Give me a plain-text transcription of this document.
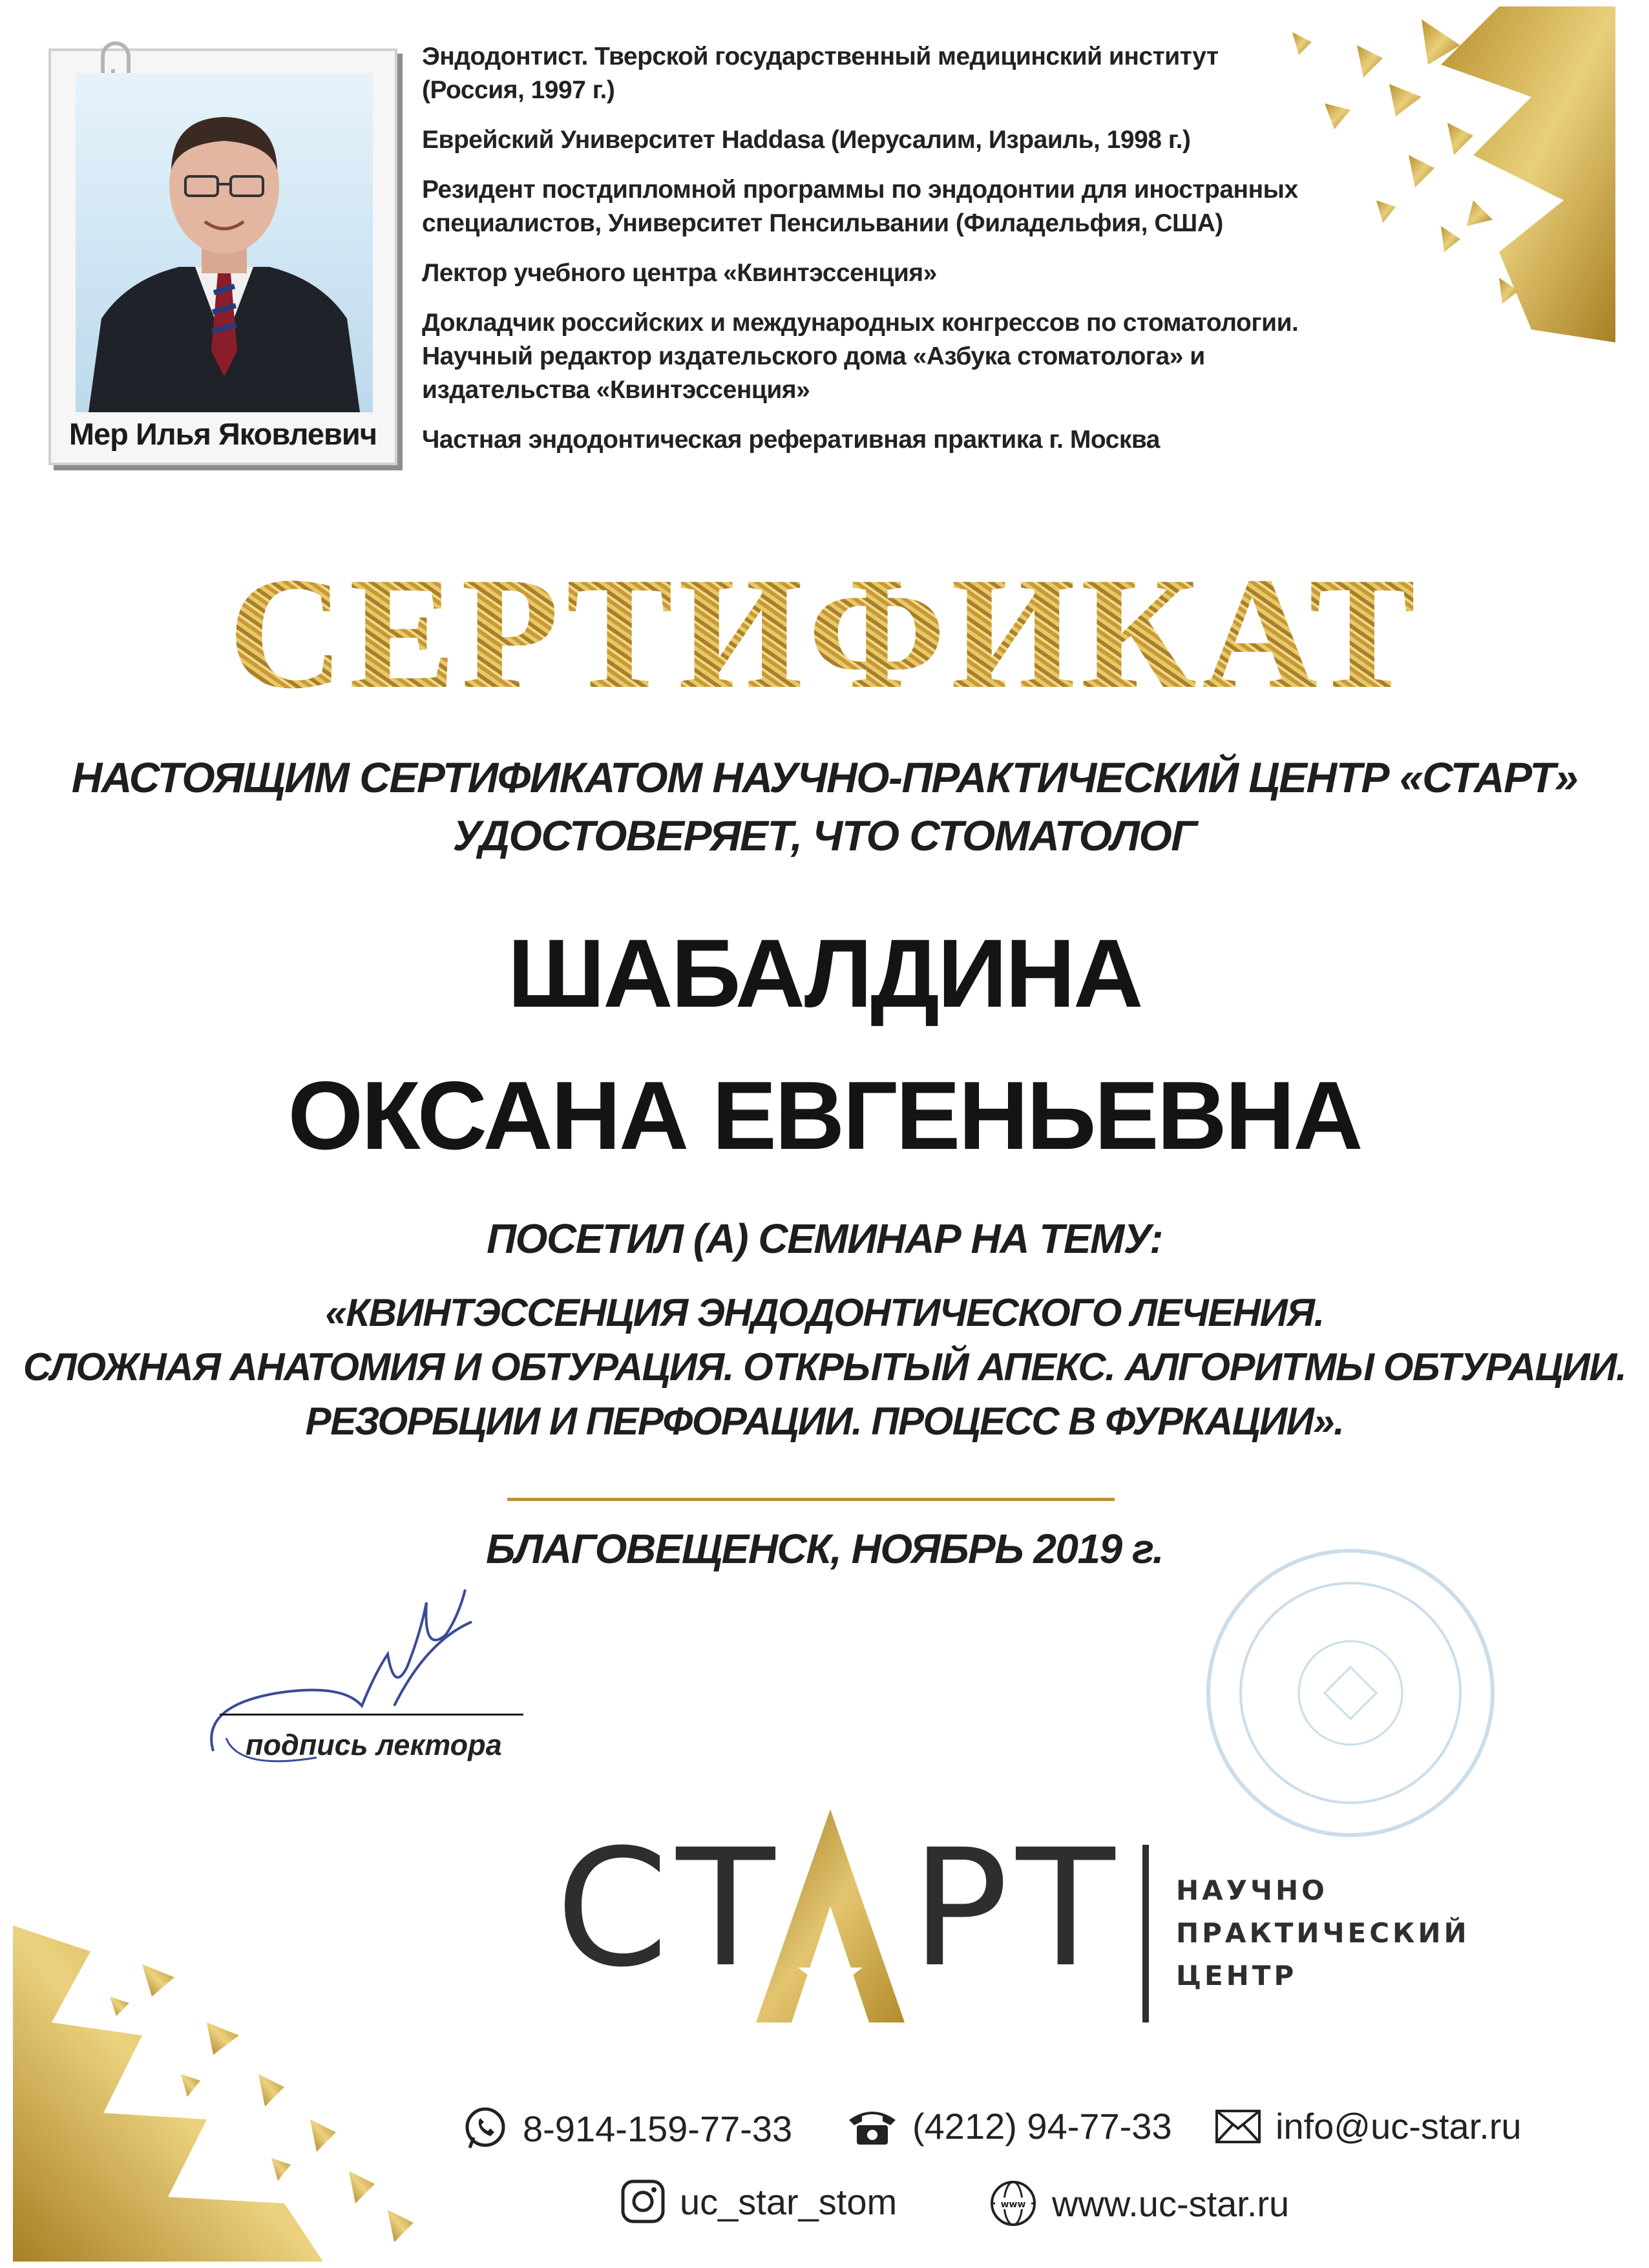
Мер Илья Яковлевич
Эндодонтист. Тверской государственный медицинский институт (Россия, 1997 г.)
Еврейский Университет Haddasa (Иерусалим, Израиль, 1998 г.)
Резидент постдипломной программы по эндодонтии для иностранных специалистов, Университет Пенсильвании (Филадельфия, США)
Лектор учебного центра «Квинтэссенция»
Докладчик российских и международных конгрессов по стоматологии. Научный редактор издательского дома «Азбука стоматолога» и издательства «Квинтэссенция»
Частная эндодонтическая реферативная практика г. Москва
СЕРТИФИКАТ
НАСТОЯЩИМ СЕРТИФИКАТОМ НАУЧНО-ПРАКТИЧЕСКИЙ ЦЕНТР «СТАРТ»
УДОСТОВЕРЯЕТ, ЧТО СТОМАТОЛОГ
ШАБАЛДИНА
ОКСАНА ЕВГЕНЬЕВНА
ПОСЕТИЛ (А) СЕМИНАР НА ТЕМУ:
«КВИНТЭССЕНЦИЯ ЭНДОДОНТИЧЕСКОГО ЛЕЧЕНИЯ.
СЛОЖНАЯ АНАТОМИЯ И ОБТУРАЦИЯ. ОТКРЫТЫЙ АПЕКС. АЛГОРИТМЫ ОБТУРАЦИИ.
РЕЗОРБЦИИ И ПЕРФОРАЦИИ. ПРОЦЕСС В ФУРКАЦИИ».
БЛАГОВЕЩЕНСК, НОЯБРЬ 2019 г.
подпись лектора
СТ РТ НАУЧНО
ПРАКТИЧЕСКИЙ
ЦЕНТР
8-914-159-77-33	(4212) 94-77-33	info@uc-star.ru
uc_star_stom	www www.uc-star.ru
